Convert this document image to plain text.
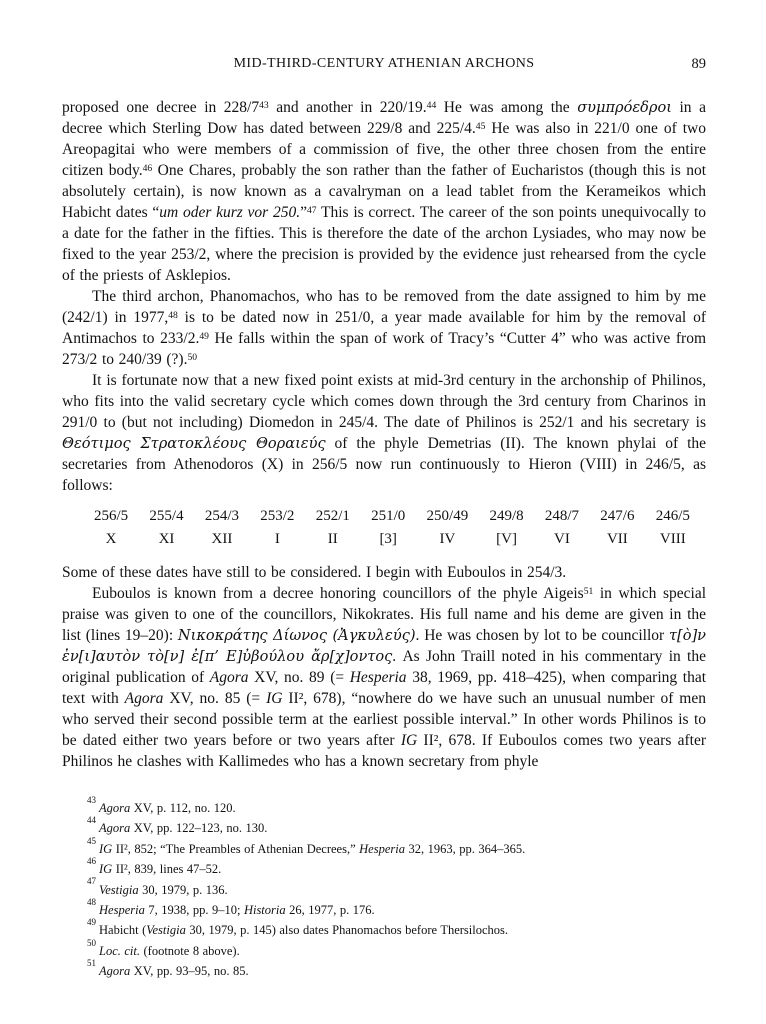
MID-THIRD-CENTURY ATHENIAN ARCHONS	89

proposed one decree in $228/7^{43}$ and another in 220/19.44 He was among the συμπρόεδροι in a decree which Sterling Dow has dated between 229/8 and 225/4.45 He was also in 221/0 one of two Areopagitai who were members of a commission of five, the other three chosen from the entire citizen body.$^{46}$ One Chares, probably the son rather than the father of Eucharistos (though this is not absolutely certain), is now known as a cavalryman on a lead tablet from the Kerameikos which Habicht dates “um oder kurz vor 250.”$^{47}$ This is correct. The career of the son points unequivocally to a date for the father in the fifties. This is therefore the date of the archon Lysiades, who may now be fixed to the year 253/2, where the precision is provided by the evidence just rehearsed from the cycle of the priests of Asklepios.

The third archon, Phanomachos, who has to be removed from the date assigned to him by me (242/1) in 1977,48 is to be dated now in 251/0, a year made available for him by the removal of Antimachos to 233/2.49 He falls within the span of work of Tracy’s “Cutter 4” who was active from 273/2 to 240/39 (?).$^{50}$

It is fortunate now that a new fixed point exists at mid-3rd century in the archonship of Philinos, who fits into the valid secretary cycle which comes down through the 3rd century from Charinos in 291/0 to (but not including) Diomedon in 245/4. The date of Philinos is 252/1 and his secretary is Θεότιμος Στρατοκλέους Θοραιεύς of the phyle Demetrias (II). The known phylai of the secretaries from Athenodoros (X) in 256/5 now run continuously to Hieron (VIII) in 246/5, as follows:

256/5
X
255/4
XI
254/3
XII
253/2
I
252/1
II
251/0
[3]
250/49
IV
249/8
[V]
248/7
VI
247/6
VII
246/5
VIII

Some of these dates have still to be considered. I begin with Euboulos in 254/3.

Euboulos is known from a decree honoring councillors of the phyle Aigeis$^{51}$ in which special praise was given to one of the councillors, Nikokrates. His full name and his deme are given in the list (lines 19–20): Νικοκράτης Δίωνος (Ἀγκυλεύς). He was chosen by lot to be councillor τ[ὸ]ν ἐν[ι]αυτὸν τὸ[ν] ἐ[π’ Ε]ὐβούλου ἄρ[χ]οντος. As John Traill noted in his commentary in the original publication of Agora XV, no. 89 (= Hesperia 38, 1969, pp. 418–425), when comparing that text with Agora XV, no. 85 (= IG II², 678), “nowhere do we have such an unusual number of men who served their second possible term at the earliest possible interval.” In other words Philinos is to be dated either two years before or two years after IG II², 678. If Euboulos comes two years after Philinos he clashes with Kallimedes who has a known secretary from phyle

$^{43}$Agora XV, p. 112, no. 120.
$^{44}$Agora XV, pp. 122–123, no. 130.
$^{45}$IG II², 852; “The Preambles of Athenian Decrees,” Hesperia 32, 1963, pp. 364–365.
$^{46}$IG II², 839, lines 47–52.
$^{47}$Vestigia 30, 1979, p. 136.
$^{48}$Hesperia 7, 1938, pp. 9–10; Historia 26, 1977, p. 176.
$^{49}$Habicht (Vestigia 30, 1979, p. 145) also dates Phanomachos before Thersilochos.
$^{50}$Loc. cit. (footnote 8 above).
$^{51}$Agora XV, pp. 93–95, no. 85.
